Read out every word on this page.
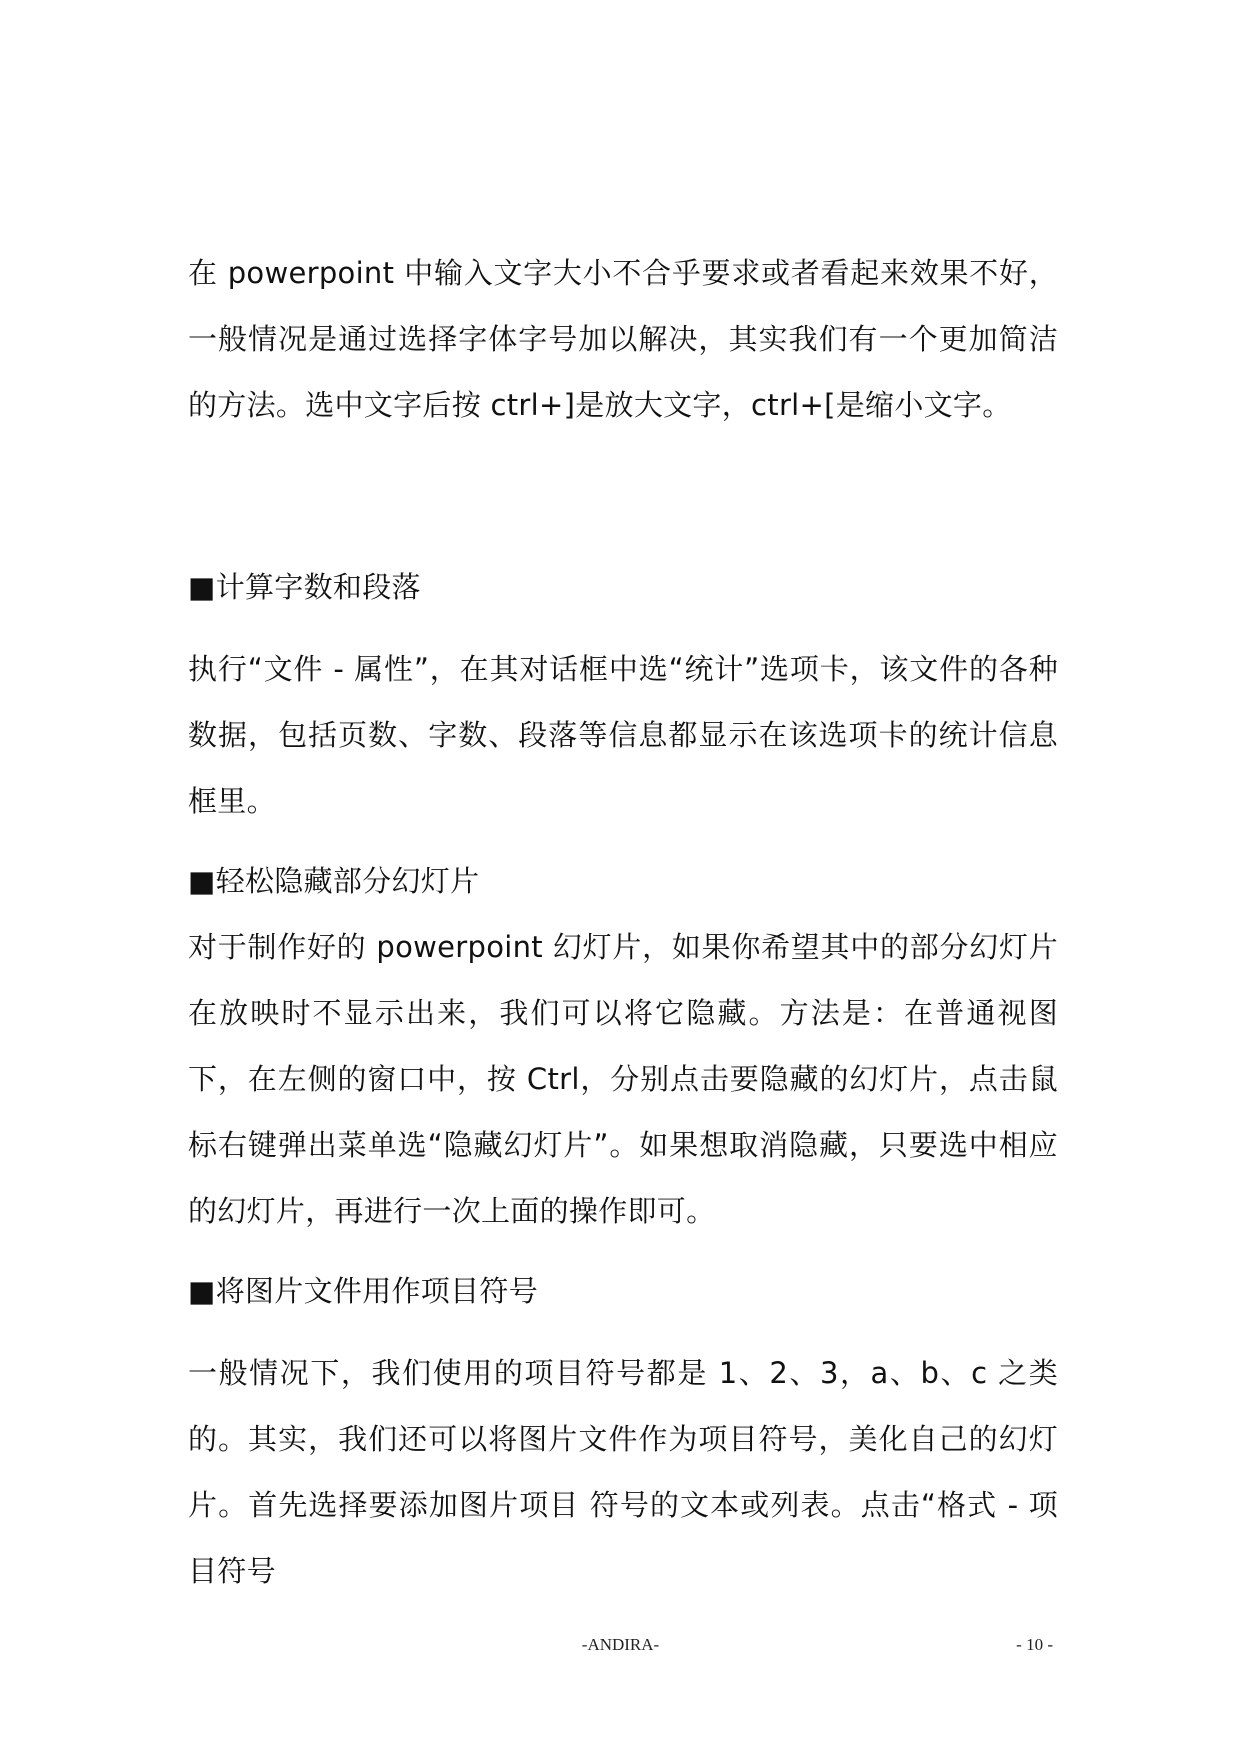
在 powerpoint 中输入文字大小不合乎要求或者看起来效果不好，一般情况是通过选择字体字号加以解决，其实我们有一个更加简洁的方法。选中文字后按 ctrl+]是放大文字，ctrl+[是缩小文字。

■计算字数和段落

执行“文件 - 属性”，在其对话框中选“统计”选项卡，该文件的各种数据，包括页数、字数、段落等信息都显示在该选项卡的统计信息框里。

■轻松隐藏部分幻灯片

对于制作好的 powerpoint 幻灯片，如果你希望其中的部分幻灯片在放映时不显示出来，我们可以将它隐藏。方法是：在普通视图下，在左侧的窗口中，按 Ctrl，分别点击要隐藏的幻灯片，点击鼠标右键弹出菜单选“隐藏幻灯片”。如果想取消隐藏，只要选中相应的幻灯片，再进行一次上面的操作即可。

■将图片文件用作项目符号

一般情况下，我们使用的项目符号都是 1、2、3，a、b、c 之类的。其实，我们还可以将图片文件作为项目符号，美化自己的幻灯片。首先选择要添加图片项目 符号的文本或列表。点击“格式 - 项目符号

-ANDIRA-	- 10 -
